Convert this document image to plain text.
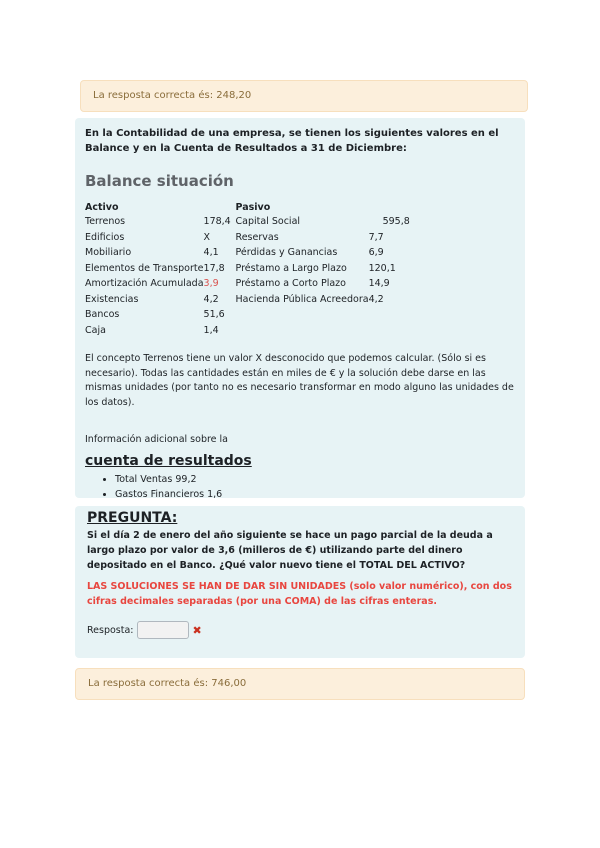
La resposta correcta és: 248,20

En la Contabilidad de una empresa, se tienen los siguientes valores en el Balance y en la Cuenta de Resultados a 31 de Diciembre:

Balance situación
Activo		Pasivo	
Terrenos	178,4	Capital Social	595,8
Edificios	X	Reservas	7,7
Mobiliario	4,1	Pérdidas y Ganancias	6,9
Elementos de Transporte	17,8	Préstamo a Largo Plazo	120,1
Amortización Acumulada	3,9	Préstamo a Corto Plazo	14,9
Existencias	4,2	Hacienda Pública Acreedora	4,2
Bancos	51,6		
Caja	1,4		

El concepto Terrenos tiene un valor X desconocido que podemos calcular. (Sólo si es necesario). Todas las cantidades están en miles de € y la solución debe darse en las mismas unidades (por tanto no es necesario transformar en modo alguno las unidades de los datos).

Información adicional sobre la

cuenta de resultados
• Total Ventas 99,2
• Gastos Financieros 1,6
PREGUNTA:

Si el día 2 de enero del año siguiente se hace un pago parcial de la deuda a largo plazo por valor de 3,6 (milleros de €) utilizando parte del dinero depositado en el Banco. ¿Qué valor nuevo tiene el TOTAL DEL ACTIVO?

LAS SOLUCIONES SE HAN DE DAR SIN UNIDADES (solo valor numérico), con dos cifras decimales separadas (por una COMA) de las cifras enteras.

Resposta:	✖
La resposta correcta és: 746,00
